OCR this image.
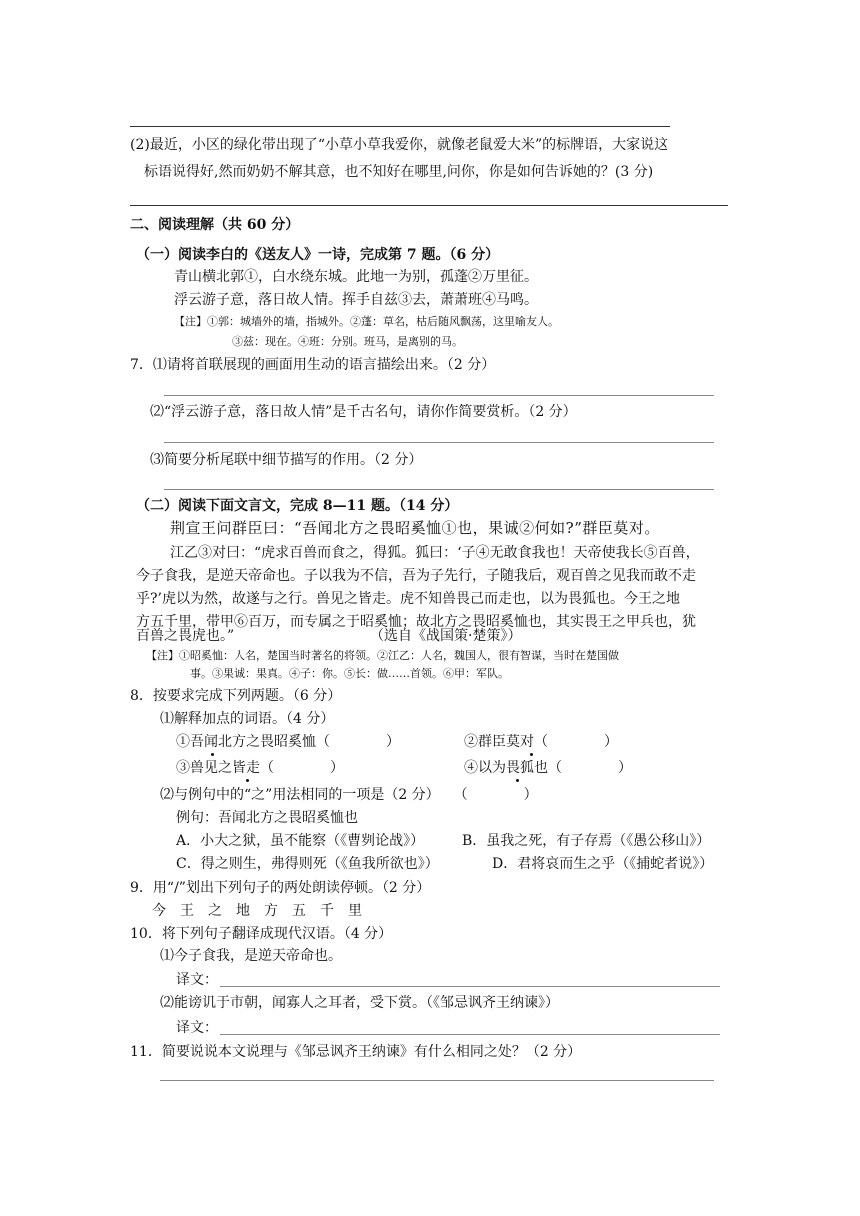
(2)最近，小区的绿化带出现了“小草小草我爱你，就像老鼠爱大米”的标牌语，大家说这
标语说得好,然而奶奶不解其意，也不知好在哪里,问你，你是如何告诉她的？(3 分)
二、阅读理解（共 60 分）
（一）阅读李白的《送友人》一诗，完成第 7 题。（6 分）
青山横北郭①，白水绕东城。此地一为别，孤蓬②万里征。
浮云游子意，落日故人情。挥手自兹③去，萧萧班④马鸣。
【注】①郭：城墙外的墙，指城外。②蓬：草名，枯后随风飘荡，这里喻友人。
③兹：现在。④班：分别。班马，是离别的马。
7．⑴请将首联展现的画面用生动的语言描绘出来。（2 分）
⑵“浮云游子意，落日故人情”是千古名句，请你作简要赏析。（2 分）
⑶简要分析尾联中细节描写的作用。（2 分）
（二）阅读下面文言文，完成 8—11 题。（14 分）
荆宣王问群臣曰：“吾闻北方之畏昭奚恤①也，果诚②何如?”群臣莫对。
江乙③对曰：“虎求百兽而食之，得狐。狐曰：‘子④无敢食我也！天帝使我长⑤百兽，
今子食我，是逆天帝命也。子以我为不信，吾为子先行，子随我后，观百兽之见我而敢不走
乎?’虎以为然，故遂与之行。兽见之皆走。虎不知兽畏己而走也，以为畏狐也。今王之地
方五千里，带甲⑥百万，而专属之于昭奚恤；故北方之畏昭奚恤也，其实畏王之甲兵也，犹
百兽之畏虎也。”	（选自《战国策·楚策》）
【注】①昭奚恤：人名，楚国当时著名的将领。②江乙：人名，魏国人，很有智谋，当时在楚国做
事。③果诚：果真。④子：你。⑤长：做……首领。⑥甲：军队。
8．按要求完成下列两题。（6 分）
⑴解释加点的词语。（4 分）
①吾闻北方之畏昭奚恤（　　　　）	②群臣莫对（　　　　）
③兽见之皆走（　　　　）	④以为畏狐也（　　　　）
⑵与例句中的“之”用法相同的一项是（2 分）　　（　　　　）
例句：吾闻北方之畏昭奚恤也
A．小大之狱，虽不能察（《曹刿论战》）	B．虽我之死，有子存焉（《愚公移山》）
C．得之则生，弗得则死（《鱼我所欲也》）	D．君将哀而生之乎（《捕蛇者说》）
9．用“/”划出下列句子的两处朗读停顿。（2 分）
今　王　之　地　方　五　千　里
10．将下列句子翻译成现代汉语。（4 分）
⑴今子食我，是逆天帝命也。
译文：
⑵能谤讥于市朝，闻寡人之耳者，受下赏。（《邹忌讽齐王纳谏》）
译文：
11．简要说说本文说理与《邹忌讽齐王纳谏》有什么相同之处？（2 分）
